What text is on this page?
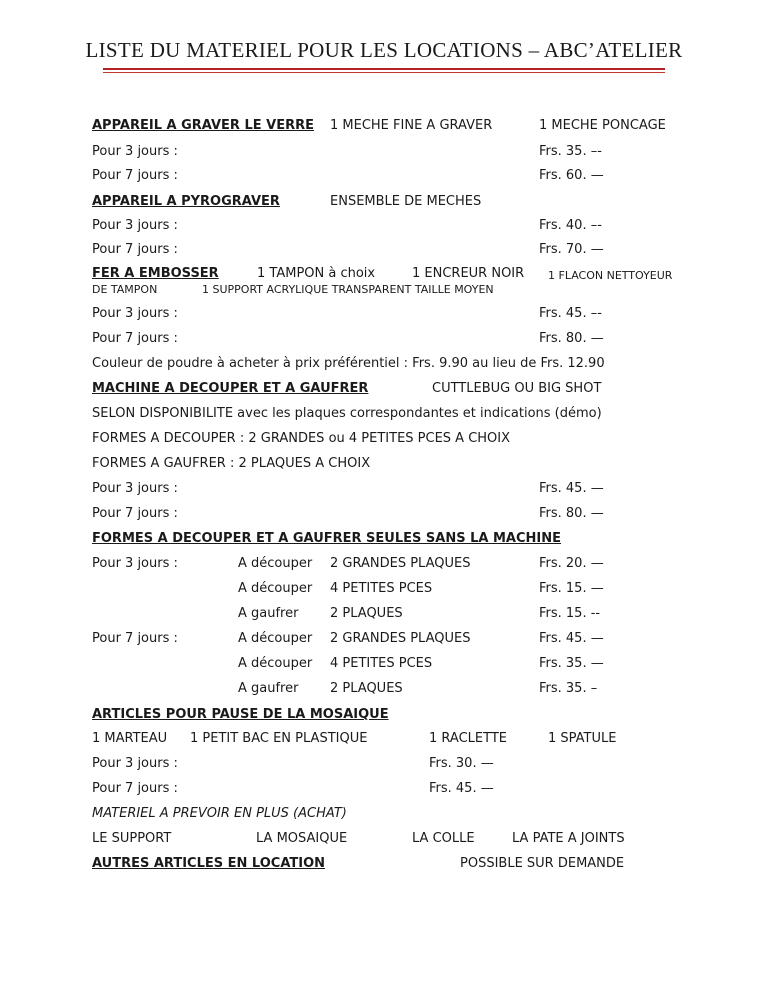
LISTE DU MATERIEL POUR LES LOCATIONS – ABC’ATELIER
APPAREIL A GRAVER LE VERRE 1 MECHE FINE A GRAVER	1 MECHE PONCAGE
Pour 3 jours :	Frs. 35. –-
Pour 7 jours :	Frs. 60. —
APPAREIL A PYROGRAVER	ENSEMBLE DE MECHES
Pour 3 jours :	Frs. 40. –-
Pour 7 jours :	Frs. 70. —
FER A EMBOSSER	1 TAMPON à choix	1 ENCREUR NOIR 1 FLACON NETTOYEUR
DE TAMPON	1 SUPPORT ACRYLIQUE TRANSPARENT TAILLE MOYEN
Pour 3 jours :	Frs. 45. –-
Pour 7 jours :	Frs. 80. —
Couleur de poudre à acheter à prix préférentiel : Frs. 9.90 au lieu de Frs. 12.90
MACHINE A DECOUPER ET A GAUFRER	CUTTLEBUG OU BIG SHOT
SELON DISPONIBILITE avec les plaques correspondantes et indications (démo)
FORMES A DECOUPER : 2 GRANDES ou 4 PETITES PCES A CHOIX
FORMES A GAUFRER : 2 PLAQUES A CHOIX
Pour 3 jours :	Frs. 45. —
Pour 7 jours :	Frs. 80. —
FORMES A DECOUPER ET A GAUFRER SEULES SANS LA MACHINE
Pour 3 jours :	A découper 2 GRANDES PLAQUES	Frs. 20. —
A découper 4 PETITES PCES	Frs. 15. —
A gaufrer 2 PLAQUES	Frs. 15. --
Pour 7 jours :	A découper 2 GRANDES PLAQUES	Frs. 45. —
A découper 4 PETITES PCES	Frs. 35. —
A gaufrer 2 PLAQUES	Frs. 35. –
ARTICLES POUR PAUSE DE LA MOSAIQUE
1 MARTEAU 1 PETIT BAC EN PLASTIQUE	1 RACLETTE	1 SPATULE
Pour 3 jours :	Frs. 30. —
Pour 7 jours :	Frs. 45. —
MATERIEL A PREVOIR EN PLUS (ACHAT)
LE SUPPORT	LA MOSAIQUE	LA COLLE	LA PATE A JOINTS
AUTRES ARTICLES EN LOCATION	POSSIBLE SUR DEMANDE
